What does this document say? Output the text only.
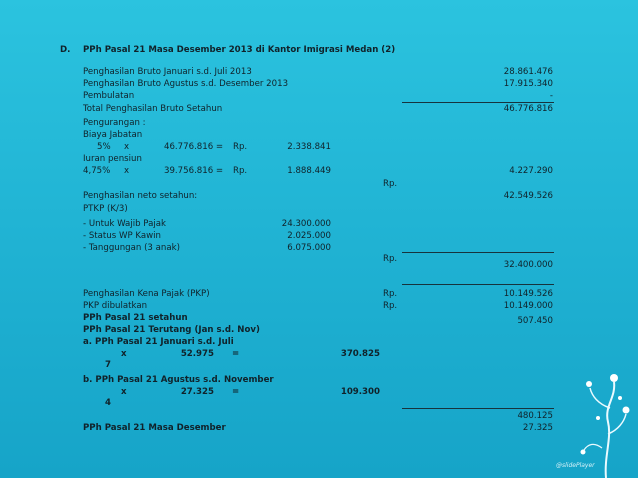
D. PPh Pasal 21 Masa Desember 2013 di Kantor Imigrasi Medan (2)
Penghasilan Bruto Januari s.d. Juli 2013	28.861.476
Penghasilan Bruto Agustus s.d. Desember 2013	17.915.340
Pembulatan	-
Total Penghasilan Bruto Setahun	46.776.816
Pengurangan :
Biaya Jabatan
5% x	46.776.816 = Rp.	2.338.841
Iuran pensiun
4,75% x	39.756.816 = Rp.	1.888.449	4.227.290
Rp.
Penghasilan neto setahun:	42.549.526
PTKP (K/3)
- Untuk Wajib Pajak	24.300.000
- Status WP Kawin	2.025.000
- Tanggungan (3 anak)	6.075.000
Rp.
32.400.000
Penghasilan Kena Pajak (PKP)	Rp.	10.149.526
PKP dibulatkan	Rp.	10.149.000
PPh Pasal 21 setahun	507.450
PPh Pasal 21 Terutang (Jan s.d. Nov)
a. PPh Pasal 21 Januari s.d. Juli
x	52.975 =	370.825
7
b. PPh Pasal 21 Agustus s.d. November
x	27.325 =	109.300
4
480.125
PPh Pasal 21 Masa Desember	27.325
@slidePlayer
